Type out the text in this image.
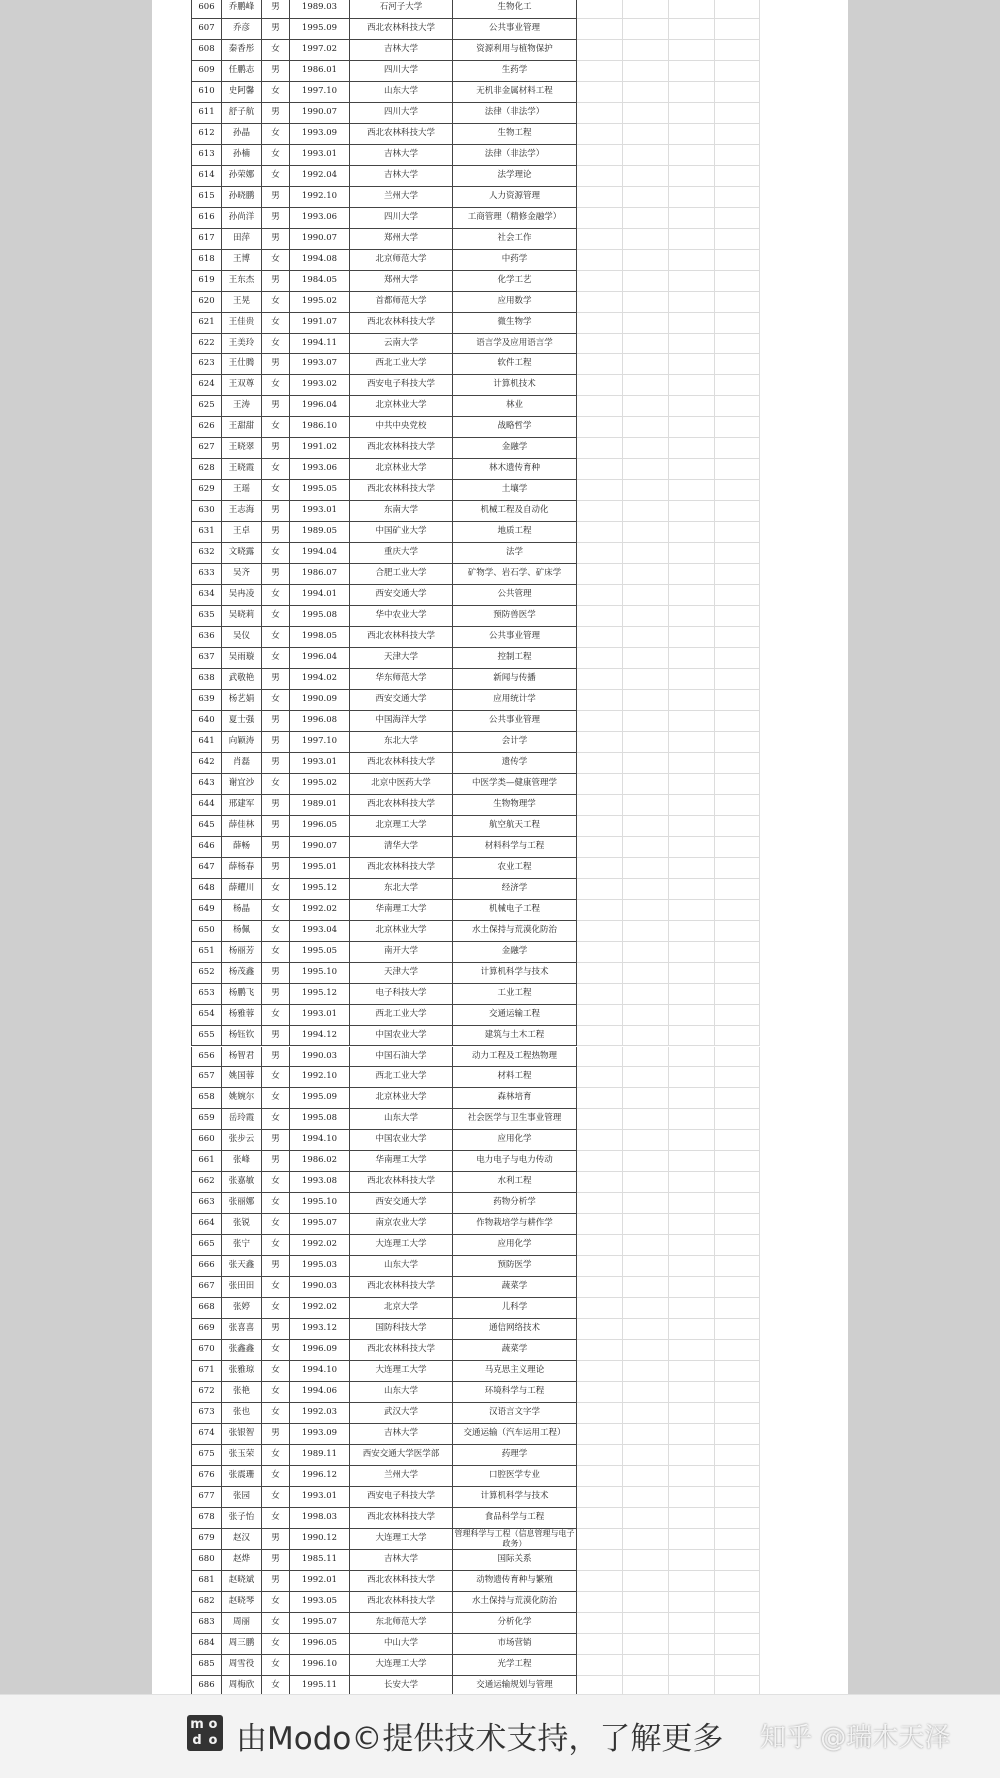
606	乔鹏峰	男	1989.03	石河子大学	生物化工
607	乔彦	男	1995.09	西北农林科技大学	公共事业管理
608	秦香彤	女	1997.02	吉林大学	资源利用与植物保护
609	任鹏志	男	1986.01	四川大学	生药学
610	史阿馨	女	1997.10	山东大学	无机非金属材料工程
611	舒子航	男	1990.07	四川大学	法律（非法学）
612	孙晶	女	1993.09	西北农林科技大学	生物工程
613	孙楠	女	1993.01	吉林大学	法律（非法学）
614	孙荣娜	女	1992.04	吉林大学	法学理论
615	孙晓鹏	男	1992.10	兰州大学	人力资源管理
616	孙尚洋	男	1993.06	四川大学	工商管理（精修金融学）
617	田萍	男	1990.07	郑州大学	社会工作
618	王博	女	1994.08	北京师范大学	中药学
619	王东杰	男	1984.05	郑州大学	化学工艺
620	王晃	女	1995.02	首都师范大学	应用数学
621	王佳贵	女	1991.07	西北农林科技大学	微生物学
622	王美玲	女	1994.11	云南大学	语言学及应用语言学
623	王仕腾	男	1993.07	西北工业大学	软件工程
624	王双尊	女	1993.02	西安电子科技大学	计算机技术
625	王涛	男	1996.04	北京林业大学	林业
626	王甜甜	女	1986.10	中共中央党校	战略哲学
627	王晓翠	男	1991.02	西北农林科技大学	金融学
628	王晓霞	女	1993.06	北京林业大学	林木遗传育种
629	王瑶	女	1995.05	西北农林科技大学	土壤学
630	王志海	男	1993.01	东南大学	机械工程及自动化
631	王卓	男	1989.05	中国矿业大学	地质工程
632	文晓露	女	1994.04	重庆大学	法学
633	吴齐	男	1986.07	合肥工业大学	矿物学、岩石学、矿床学
634	吴冉凌	女	1994.01	西安交通大学	公共管理
635	吴晓莉	女	1995.08	华中农业大学	预防兽医学
636	吴仪	女	1998.05	西北农林科技大学	公共事业管理
637	吴雨璇	女	1996.04	天津大学	控制工程
638	武敬艳	男	1994.02	华东师范大学	新闻与传播
639	杨艺娟	女	1990.09	西安交通大学	应用统计学
640	夏士强	男	1996.08	中国海洋大学	公共事业管理
641	向颖涛	男	1997.10	东北大学	会计学
642	肖磊	男	1993.01	西北农林科技大学	遗传学
643	谢宜沙	女	1995.02	北京中医药大学	中医学类—健康管理学
644	邢建军	男	1989.01	西北农林科技大学	生物物理学
645	薛佳林	男	1996.05	北京理工大学	航空航天工程
646	薛畅	男	1990.07	清华大学	材料科学与工程
647	薛杨春	男	1995.01	西北农林科技大学	农业工程
648	薛耀川	女	1995.12	东北大学	经济学
649	杨晶	女	1992.02	华南理工大学	机械电子工程
650	杨佩	女	1993.04	北京林业大学	水土保持与荒漠化防治
651	杨丽芳	女	1995.05	南开大学	金融学
652	杨茂鑫	男	1995.10	天津大学	计算机科学与技术
653	杨鹏飞	男	1995.12	电子科技大学	工业工程
654	杨雅蓉	女	1993.01	西北工业大学	交通运输工程
655	杨钰钦	男	1994.12	中国农业大学	建筑与土木工程
656	杨智君	男	1990.03	中国石油大学	动力工程及工程热物理
657	姚国蓉	女	1992.10	西北工业大学	材料工程
658	姚婉尔	女	1995.09	北京林业大学	森林培育
659	岳玲霞	女	1995.08	山东大学	社会医学与卫生事业管理
660	张步云	男	1994.10	中国农业大学	应用化学
661	张峰	男	1986.02	华南理工大学	电力电子与电力传动
662	张嘉敏	女	1993.08	西北农林科技大学	水利工程
663	张丽娜	女	1995.10	西安交通大学	药物分析学
664	张锐	女	1995.07	南京农业大学	作物栽培学与耕作学
665	张宁	女	1992.02	大连理工大学	应用化学
666	张天鑫	男	1995.03	山东大学	预防医学
667	张田田	女	1990.03	西北农林科技大学	蔬菜学
668	张婷	女	1992.02	北京大学	儿科学
669	张喜喜	男	1993.12	国防科技大学	通信网络技术
670	张鑫鑫	女	1996.09	西北农林科技大学	蔬菜学
671	张雅琼	女	1994.10	大连理工大学	马克思主义理论
672	张艳	女	1994.06	山东大学	环境科学与工程
673	张也	女	1992.03	武汉大学	汉语言文字学
674	张银智	男	1993.09	吉林大学	交通运输（汽车运用工程）
675	张玉荣	女	1989.11	西安交通大学医学部	药理学
676	张震珊	女	1996.12	兰州大学	口腔医学专业
677	张园	女	1993.01	西安电子科技大学	计算机科学与技术
678	张子怡	女	1998.03	西北农林科技大学	食品科学与工程
679	赵汉	男	1990.12	大连理工大学	管理科学与工程（信息管理与电子政务）
680	赵烨	男	1985.11	吉林大学	国际关系
681	赵晓斌	男	1992.01	西北农林科技大学	动物遗传育种与繁殖
682	赵晓琴	女	1993.05	西北农林科技大学	水土保持与荒漠化防治
683	周丽	女	1995.07	东北师范大学	分析化学
684	周三鹏	女	1996.05	中山大学	市场营销
685	周雪役	女	1996.10	大连理工大学	光学工程
686	周梅欣	女	1995.11	长安大学	交通运输规划与管理
m o
d o 由Modo©提供技术支持，了解更多 知乎 @瑞木天泽
